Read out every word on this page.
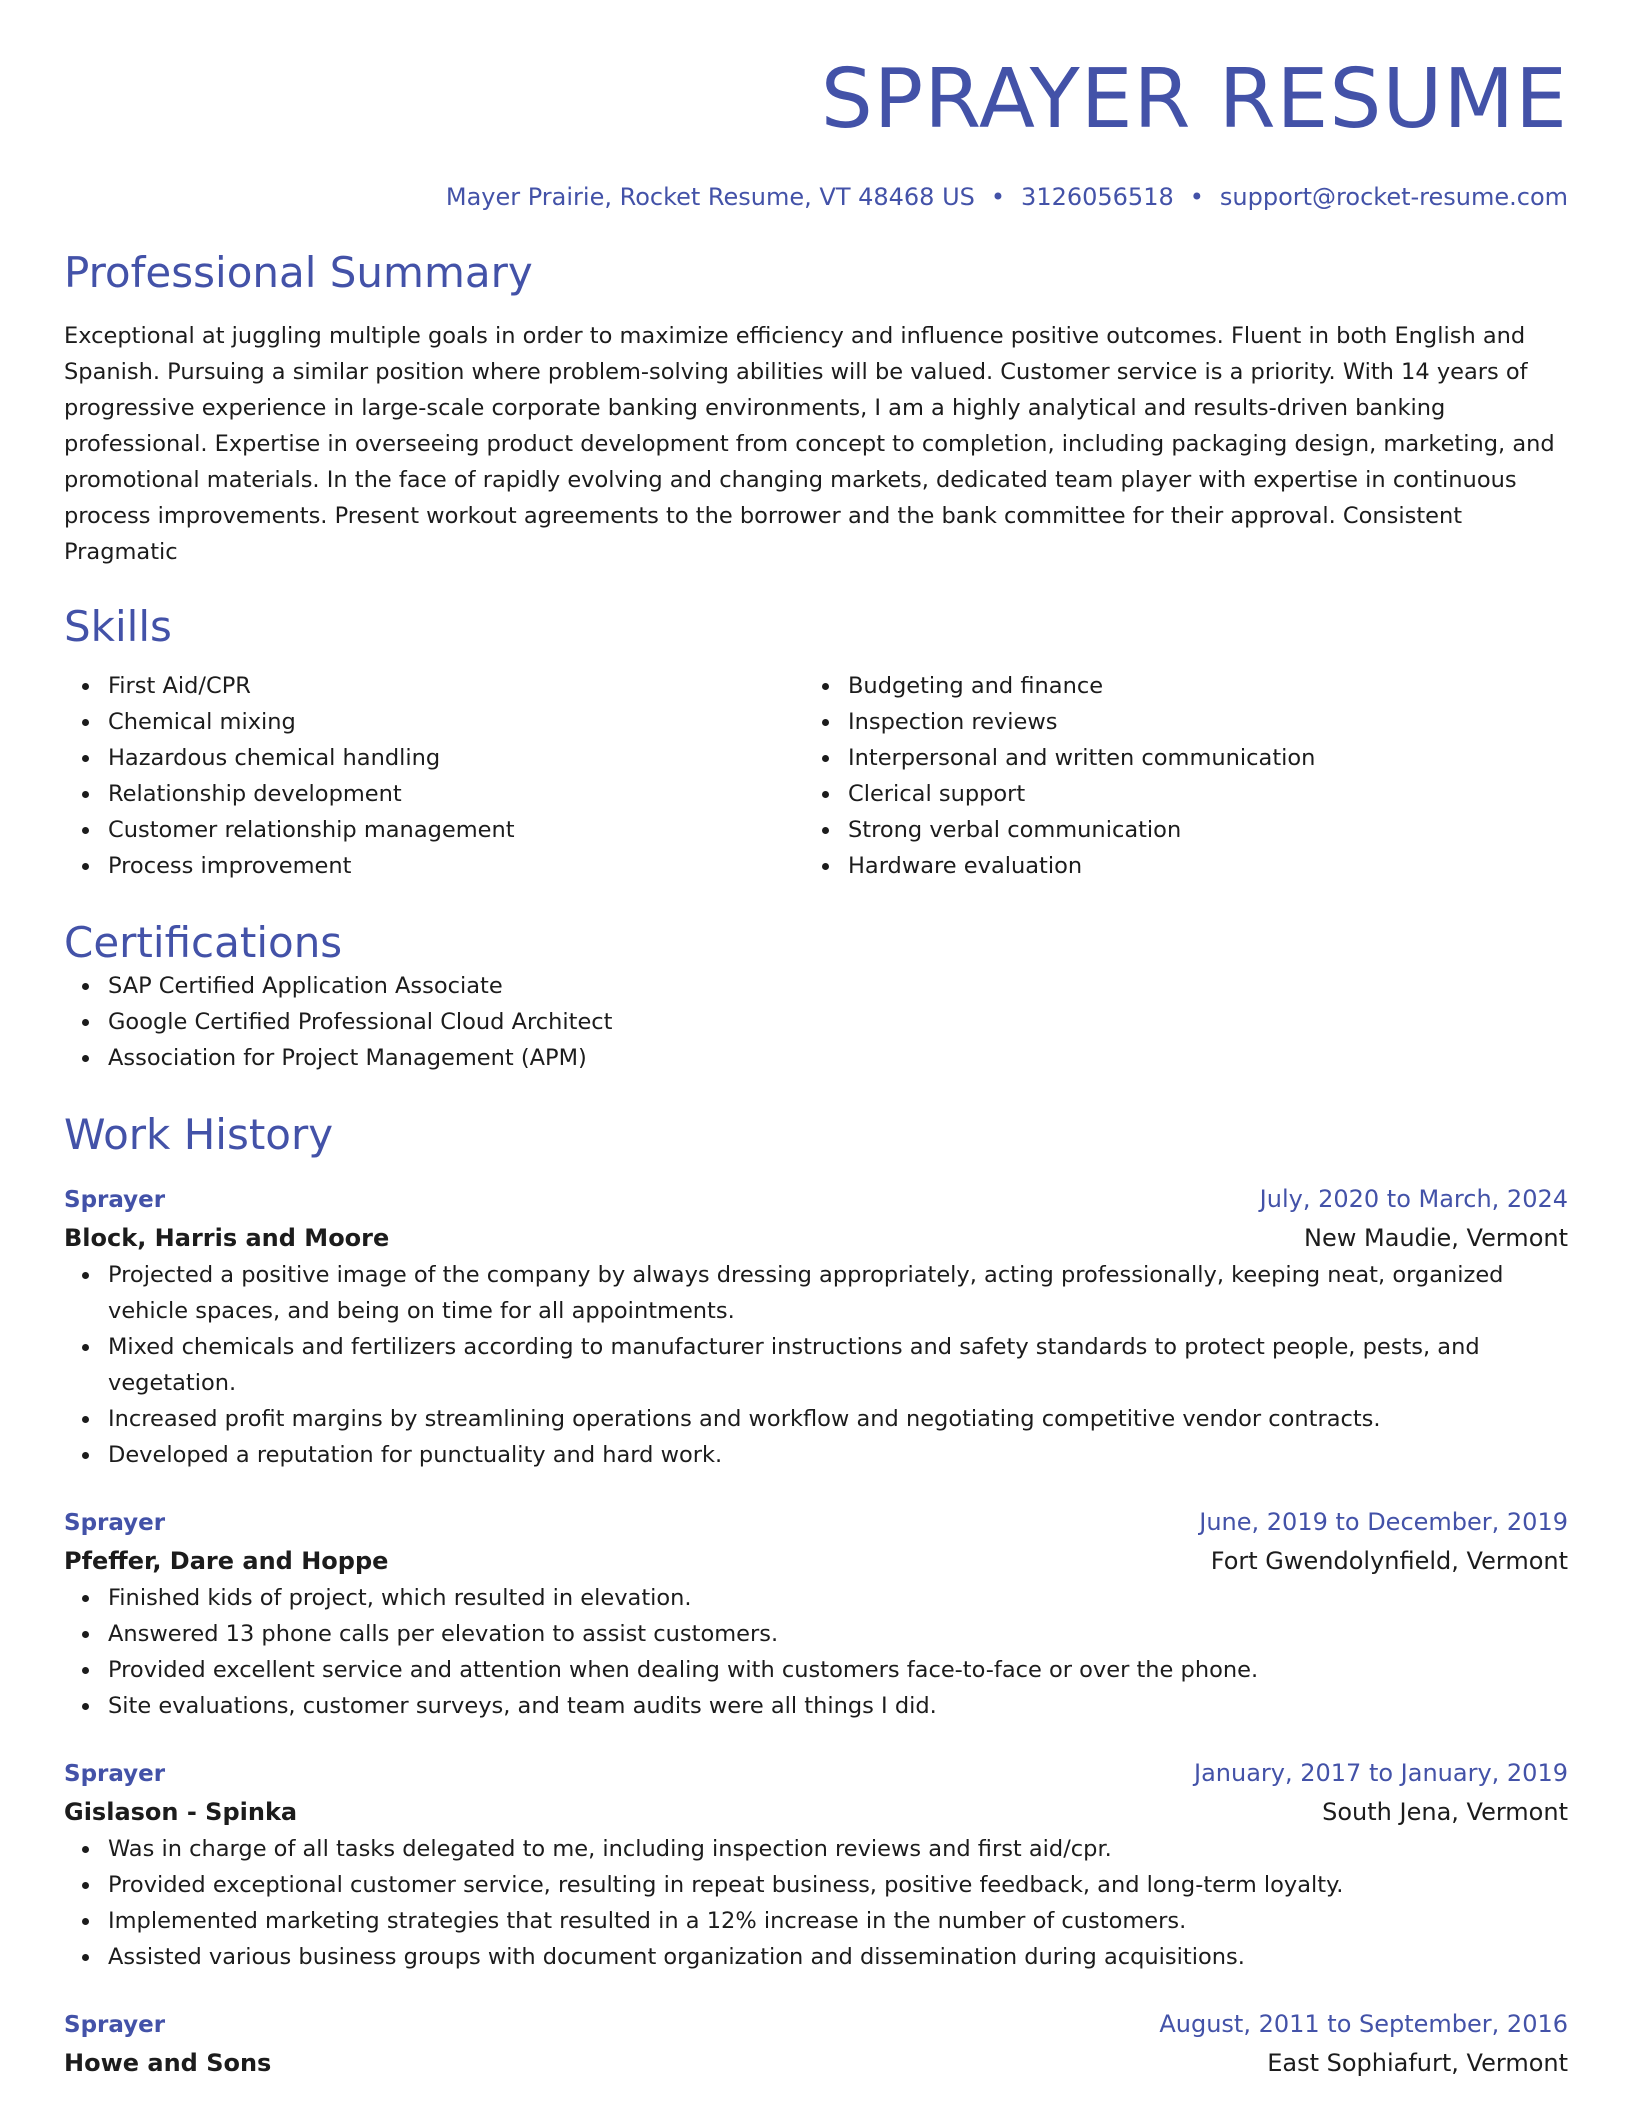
SPRAYER RESUME
Mayer Prairie, Rocket Resume, VT 48468 US • 3126056518 • support@rocket-resume.com
Professional Summary
Exceptional at juggling multiple goals in order to maximize efficiency and influence positive outcomes. Fluent in both English and Spanish. Pursuing a similar position where problem-solving abilities will be valued. Customer service is a priority. With 14 years of progressive experience in large-scale corporate banking environments, I am a highly analytical and results-driven banking professional. Expertise in overseeing product development from concept to completion, including packaging design, marketing, and promotional materials. In the face of rapidly evolving and changing markets, dedicated team player with expertise in continuous process improvements. Present workout agreements to the borrower and the bank committee for their approval. Consistent Pragmatic
Skills
First Aid/CPR
Chemical mixing
Hazardous chemical handling
Relationship development
Customer relationship management
Process improvement
Budgeting and finance
Inspection reviews
Interpersonal and written communication
Clerical support
Strong verbal communication
Hardware evaluation
Certifications
SAP Certified Application Associate
Google Certified Professional Cloud Architect
Association for Project Management (APM)
Work History
Sprayer	July, 2020 to March, 2024
Block, Harris and Moore	New Maudie, Vermont
Projected a positive image of the company by always dressing appropriately, acting professionally, keeping neat, organized vehicle spaces, and being on time for all appointments.
Mixed chemicals and fertilizers according to manufacturer instructions and safety standards to protect people, pests, and vegetation.
Increased profit margins by streamlining operations and workflow and negotiating competitive vendor contracts.
Developed a reputation for punctuality and hard work.
Sprayer	June, 2019 to December, 2019
Pfeffer, Dare and Hoppe	Fort Gwendolynfield, Vermont
Finished kids of project, which resulted in elevation.
Answered 13 phone calls per elevation to assist customers.
Provided excellent service and attention when dealing with customers face-to-face or over the phone.
Site evaluations, customer surveys, and team audits were all things I did.
Sprayer	January, 2017 to January, 2019
Gislason - Spinka	South Jena, Vermont
Was in charge of all tasks delegated to me, including inspection reviews and first aid/cpr.
Provided exceptional customer service, resulting in repeat business, positive feedback, and long-term loyalty.
Implemented marketing strategies that resulted in a 12% increase in the number of customers.
Assisted various business groups with document organization and dissemination during acquisitions.
Sprayer	August, 2011 to September, 2016
Howe and Sons	East Sophiafurt, Vermont
